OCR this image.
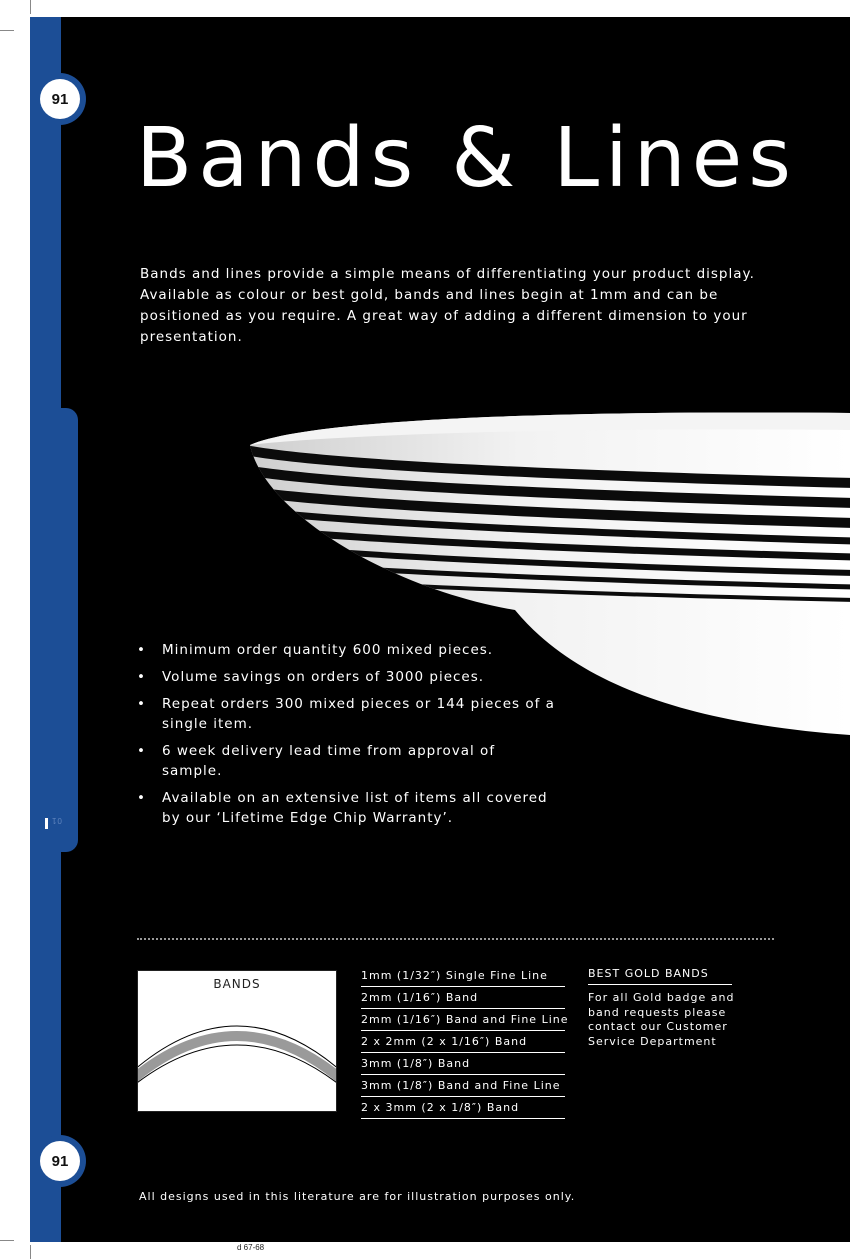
01
91
91
Bands & Lines

Bands and lines provide a simple means of differentiating your product display. Available as colour or best gold, bands and lines begin at 1mm and can be positioned as you require. A great way of adding a different dimension to your presentation.

• Minimum order quantity 600 mixed pieces.
• Volume savings on orders of 3000 pieces.
• Repeat orders 300 mixed pieces or 144 pieces of a single item.
• 6 week delivery lead time from approval of sample.
• Available on an extensive list of items all covered by our ‘Lifetime Edge Chip Warranty’.
BANDS
1mm (1/32″) Single Fine Line
2mm (1/16″) Band
2mm (1/16″) Band and Fine Line
2 x 2mm (2 x 1/16″) Band
3mm (1/8″) Band
3mm (1/8″) Band and Fine Line
2 x 3mm (2 x 1/8″) Band
BEST GOLD BANDS
For all Gold badge and band requests please contact our Customer Service Department
All designs used in this literature are for illustration purposes only.
d 67-68
